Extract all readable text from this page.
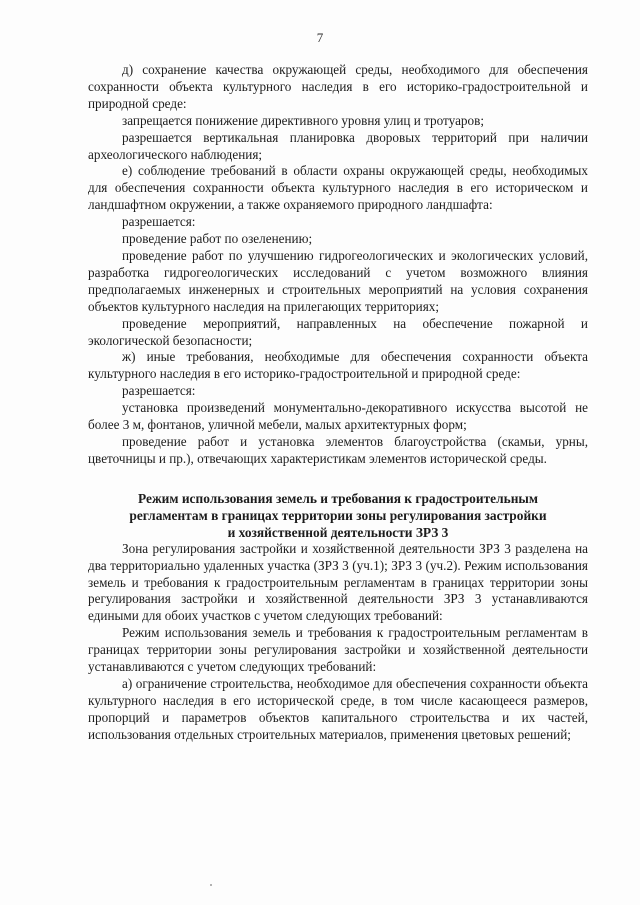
7

д) сохранение качества окружающей среды, необходимого для обеспечения сохранности объекта культурного наследия в его историко-градостроительной и природной среде:

запрещается понижение директивного уровня улиц и тротуаров;

разрешается вертикальная планировка дворовых территорий при наличии археологического наблюдения;

е) соблюдение требований в области охраны окружающей среды, необходимых для обеспечения сохранности объекта культурного наследия в его историческом и ландшафтном окружении, а также охраняемого природного ландшафта:

разрешается:

проведение работ по озеленению;

проведение работ по улучшению гидрогеологических и экологических условий, разработка гидрогеологических исследований с учетом возможного влияния предполагаемых инженерных и строительных мероприятий на условия сохранения объектов культурного наследия на прилегающих территориях;

проведение мероприятий, направленных на обеспечение пожарной и экологической безопасности;

ж) иные требования, необходимые для обеспечения сохранности объекта культурного наследия в его историко-градостроительной и природной среде:

разрешается:

установка произведений монументально-декоративного искусства высотой не более 3 м, фонтанов, уличной мебели, малых архитектурных форм;

проведение работ и установка элементов благоустройства (скамьи, урны, цветочницы и пр.), отвечающих характеристикам элементов исторической среды.

Режим использования земель и требования к градостроительным
регламентам в границах территории зоны регулирования застройки
и хозяйственной деятельности ЗРЗ 3

Зона регулирования застройки и хозяйственной деятельности ЗРЗ 3 разделена на два территориально удаленных участка (ЗРЗ 3 (уч.1); ЗРЗ 3 (уч.2). Режим использования земель и требования к градостроительным регламентам в границах территории зоны регулирования застройки и хозяйственной деятельности ЗРЗ 3 устанавливаются едиными для обоих участков с учетом следующих требований:

Режим использования земель и требования к градостроительным регламентам в границах территории зоны регулирования застройки и хозяйственной деятельности устанавливаются с учетом следующих требований:

а) ограничение строительства, необходимое для обеспечения сохранности объекта культурного наследия в его исторической среде, в том числе касающееся размеров, пропорций и параметров объектов капитального строительства и их частей, использования отдельных строительных материалов, применения цветовых решений;
